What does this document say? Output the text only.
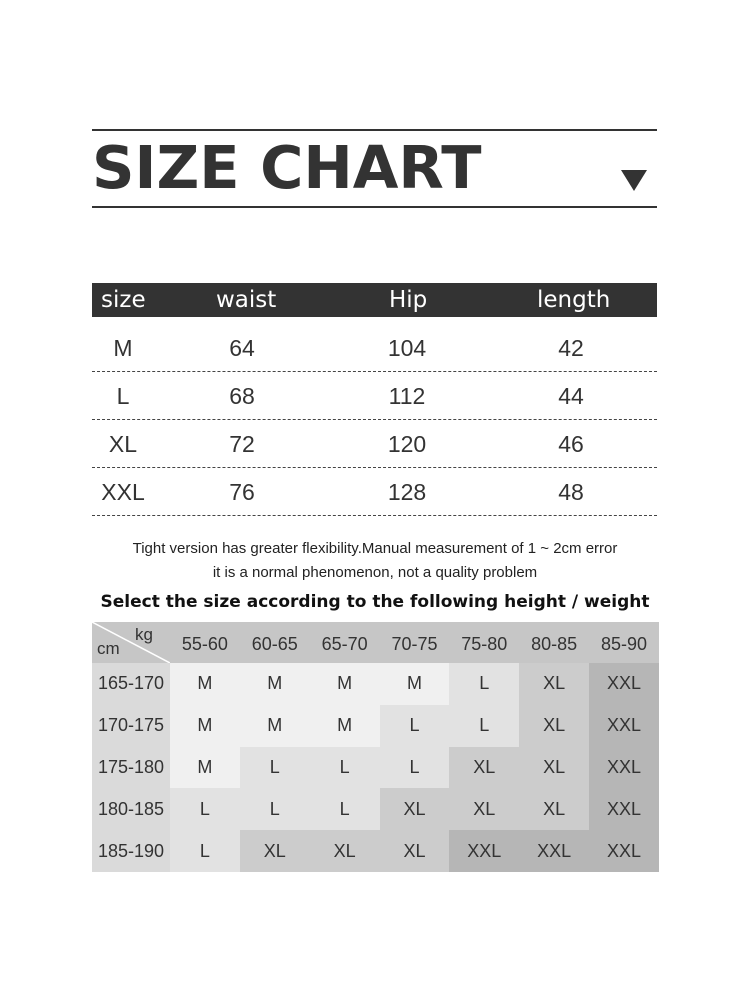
SIZE CHART
size	waist	Hip	length
M	64	104	42
L	68	112	44
XL	72	120	46
XXL	76	128	48
Tight version has greater flexibility.Manual measurement of 1 ~ 2cm error
it is a normal phenomenon, not a quality problem
Select the size according to the following height / weight
kg
cm	55-60	60-65	65-70	70-75	75-80	80-85	85-90
165-170	M	M	M	M	L	XL	XXL
170-175	M	M	M	L	L	XL	XXL
175-180	M	L	L	L	XL	XL	XXL
180-185	L	L	L	XL	XL	XL	XXL
185-190	L	XL	XL	XL	XXL	XXL	XXL
